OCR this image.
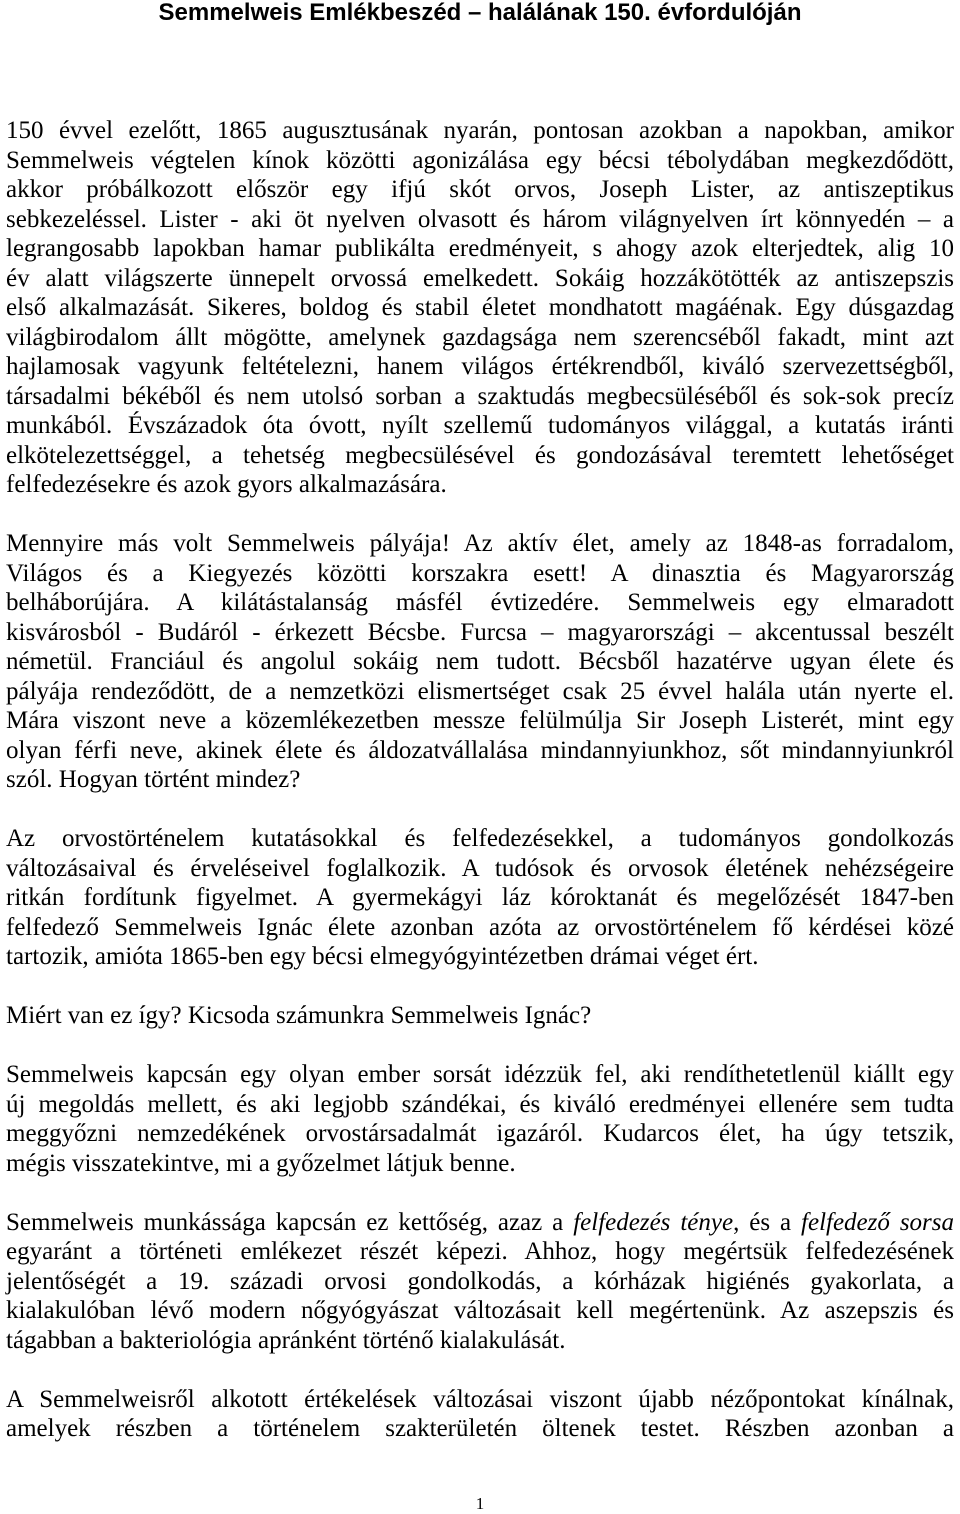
Semmelweis Emlékbeszéd – halálának 150. évfordulóján
150 évvel ezelőtt, 1865 augusztusának nyarán, pontosan azokban a napokban, amikor
Semmelweis végtelen kínok közötti agonizálása egy bécsi tébolydában megkezdődött,
akkor próbálkozott először egy ifjú skót orvos, Joseph Lister, az antiszeptikus
sebkezeléssel. Lister - aki öt nyelven olvasott és három világnyelven írt könnyedén – a
legrangosabb lapokban hamar publikálta eredményeit, s ahogy azok elterjedtek, alig 10
év alatt világszerte ünnepelt orvossá emelkedett. Sokáig hozzákötötték az antiszepszis
első alkalmazását. Sikeres, boldog és stabil életet mondhatott magáénak. Egy dúsgazdag
világbirodalom állt mögötte, amelynek gazdagsága nem szerencséből fakadt, mint azt
hajlamosak vagyunk feltételezni, hanem világos értékrendből, kiváló szervezettségből,
társadalmi békéből és nem utolsó sorban a szaktudás megbecsüléséből és sok-sok precíz
munkából. Évszázadok óta óvott, nyílt szellemű tudományos világgal, a kutatás iránti
elkötelezettséggel, a tehetség megbecsülésével és gondozásával teremtett lehetőséget
felfedezésekre és azok gyors alkalmazására.
Mennyire más volt Semmelweis pályája! Az aktív élet, amely az 1848-as forradalom,
Világos és a Kiegyezés közötti korszakra esett! A dinasztia és Magyarország
belháborújára. A kilátástalanság másfél évtizedére. Semmelweis egy elmaradott
kisvárosból - Budáról - érkezett Bécsbe. Furcsa – magyarországi – akcentussal beszélt
németül. Franciául és angolul sokáig nem tudott. Bécsből hazatérve ugyan élete és
pályája rendeződött, de a nemzetközi elismertséget csak 25 évvel halála után nyerte el.
Mára viszont neve a közemlékezetben messze felülmúlja Sir Joseph Listerét, mint egy
olyan férfi neve, akinek élete és áldozatvállalása mindannyiunkhoz, sőt mindannyiunkról
szól. Hogyan történt mindez?
Az orvostörténelem kutatásokkal és felfedezésekkel, a tudományos gondolkozás
változásaival és érveléseivel foglalkozik. A tudósok és orvosok életének nehézségeire
ritkán fordítunk figyelmet. A gyermekágyi láz kóroktanát és megelőzését 1847-ben
felfedező Semmelweis Ignác élete azonban azóta az orvostörténelem fő kérdései közé
tartozik, amióta 1865-ben egy bécsi elmegyógyintézetben drámai véget ért.
Miért van ez így? Kicsoda számunkra Semmelweis Ignác?
Semmelweis kapcsán egy olyan ember sorsát idézzük fel, aki rendíthetetlenül kiállt egy
új megoldás mellett, és aki legjobb szándékai, és kiváló eredményei ellenére sem tudta
meggyőzni nemzedékének orvostársadalmát igazáról. Kudarcos élet, ha úgy tetszik,
mégis visszatekintve, mi a győzelmet látjuk benne.
Semmelweis munkássága kapcsán ez kettőség, azaz a felfedezés ténye, és a felfedező sorsa
egyaránt a történeti emlékezet részét képezi. Ahhoz, hogy megértsük felfedezésének
jelentőségét a 19. századi orvosi gondolkodás, a kórházak higiénés gyakorlata, a
kialakulóban lévő modern nőgyógyászat változásait kell megértenünk. Az aszepszis és
tágabban a bakteriológia apránként történő kialakulását.
A Semmelweisről alkotott értékelések változásai viszont újabb nézőpontokat kínálnak,
amelyek részben a történelem szakterületén öltenek testet. Részben azonban a
1
